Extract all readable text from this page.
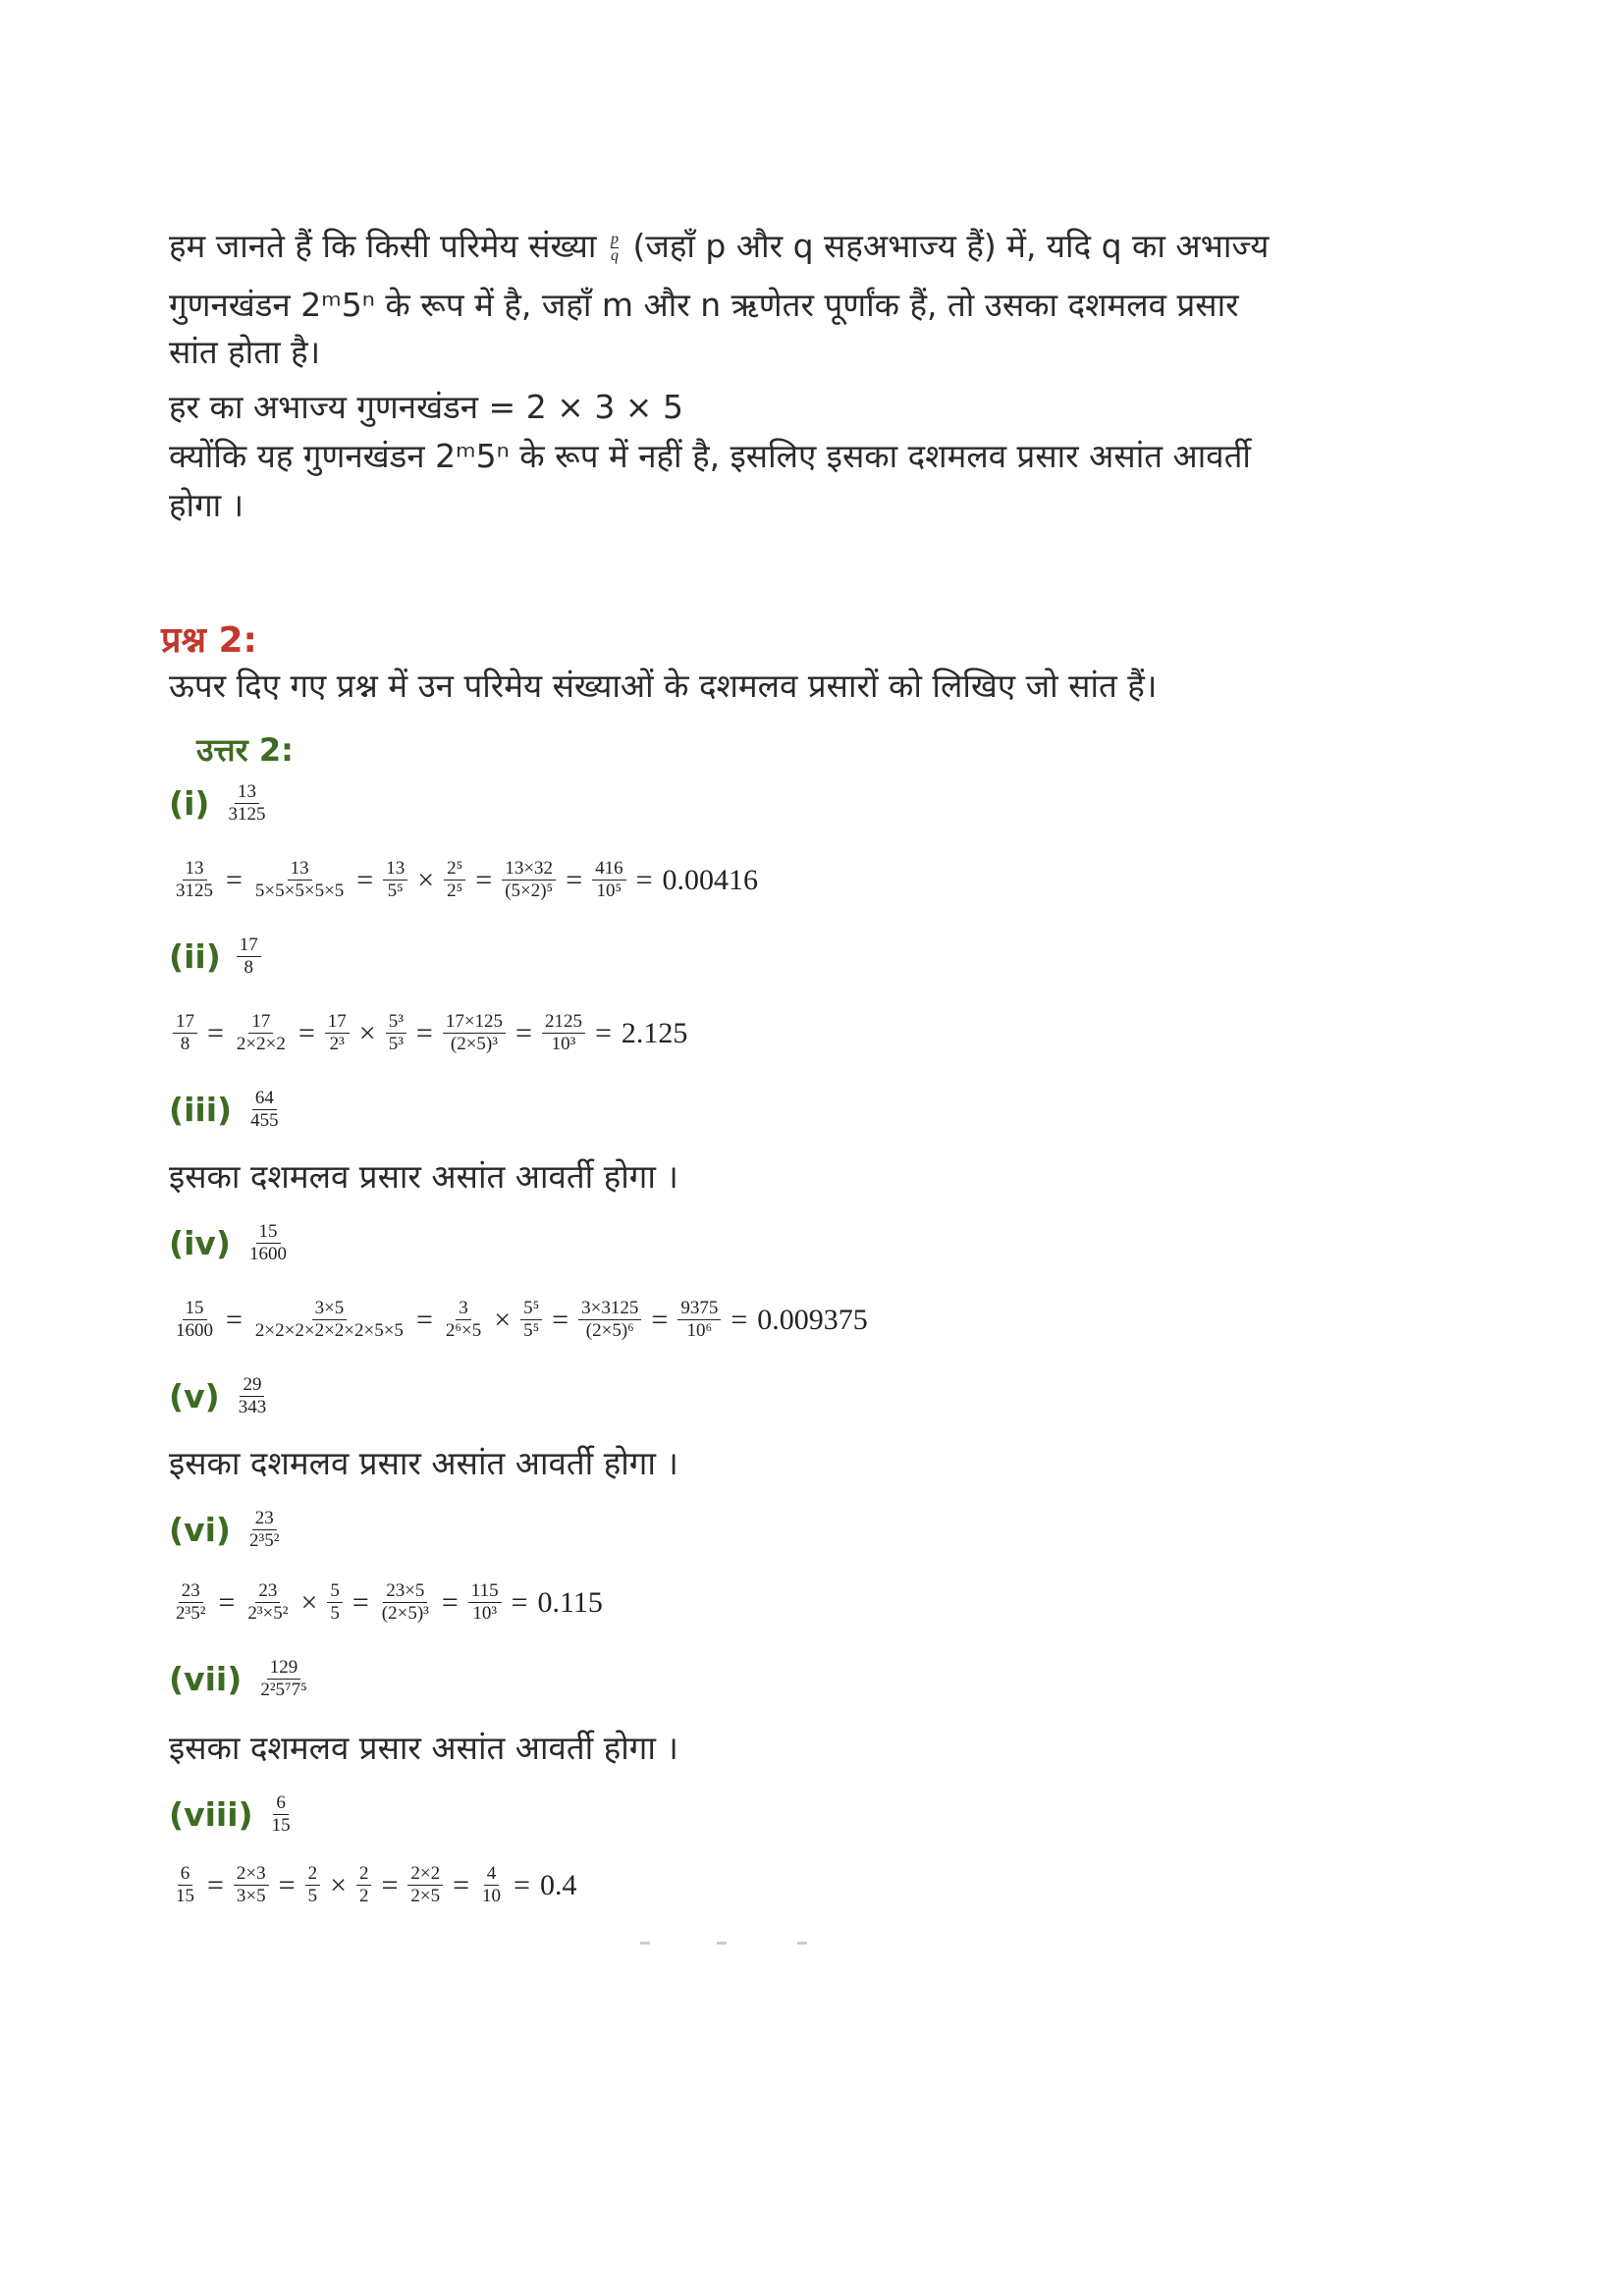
हम जानते हैं कि किसी परिमेय संख्या $\frac{p}{q}$ (जहाँ p और q सहअभाज्य हैं) में, यदि q का अभाज्य
गुणनखंडन 2ᵐ5ⁿ के रूप में है, जहाँ m और n ऋणेतर पूर्णांक हैं, तो उसका दशमलव प्रसार
सांत होता है।
हर का अभाज्य गुणनखंडन = 2 × 3 × 5
क्योंकि यह गुणनखंडन 2ᵐ5ⁿ के रूप में नहीं है, इसलिए इसका दशमलव प्रसार असांत आवर्ती
होगा ।
प्रश्न 2:
ऊपर दिए गए प्रश्न में उन परिमेय संख्याओं के दशमलव प्रसारों को लिखिए जो सांत हैं।
उत्तर 2:
$(i) \frac{13}{3125}$
$\frac{13}{3125} = \frac{13}{5\times 5\times 5\times 5\times 5} = \frac{13}{\text{5⁵}} \times \frac{\text{2⁵}}{\text{2⁵}} = \frac{13\times 32}{\text{(5×2)⁵}} = \frac{416}{\text{10⁵}} = 0.00416$
$(ii) \frac{17}{8}$
$\frac{17}{8} = \frac{17}{2\times 2\times 2} = \frac{17}{\text{2³}} \times \frac{\text{5³}}{\text{5³}} = \frac{17\times 125}{\text{(2×5)³}} = \frac{2125}{\text{10³}} = 2.125$
$(iii) \frac{64}{455}$
इसका दशमलव प्रसार असांत आवर्ती होगा ।
$(iv) \frac{15}{1600}$
$\frac{15}{1600} = \frac{3\times 5}{2\times 2\times 2\times 2\times 2\times 2\times 5\times 5} = \frac{3}{\text{2⁶×5}} \times \frac{\text{5⁵}}{\text{5⁵}} = \frac{3\times 3125}{\text{(2×5)⁶}} = \frac{9375}{\text{10⁶}} = 0.009375$
$(v) \frac{29}{343}$
इसका दशमलव प्रसार असांत आवर्ती होगा ।
$(vi) \frac{23}{\text{2³5²}}$
$\frac{23}{\text{2³5²}} = \frac{23}{\text{2³×5²}} \times \frac{5}{5} = \frac{23\times 5}{\text{(2×5)³}} = \frac{115}{\text{10³}} = 0.115$
$(vii) \frac{129}{\text{2²5⁷7⁵}}$
इसका दशमलव प्रसार असांत आवर्ती होगा ।
(viii) $\frac{6}{15}$
$\frac{6}{15} = \frac{2\times 3}{3\times 5} = \frac{2}{5} \times \frac{2}{2} = \frac{2\times 2}{2\times 5} = \frac{4}{10} = 0.4$
